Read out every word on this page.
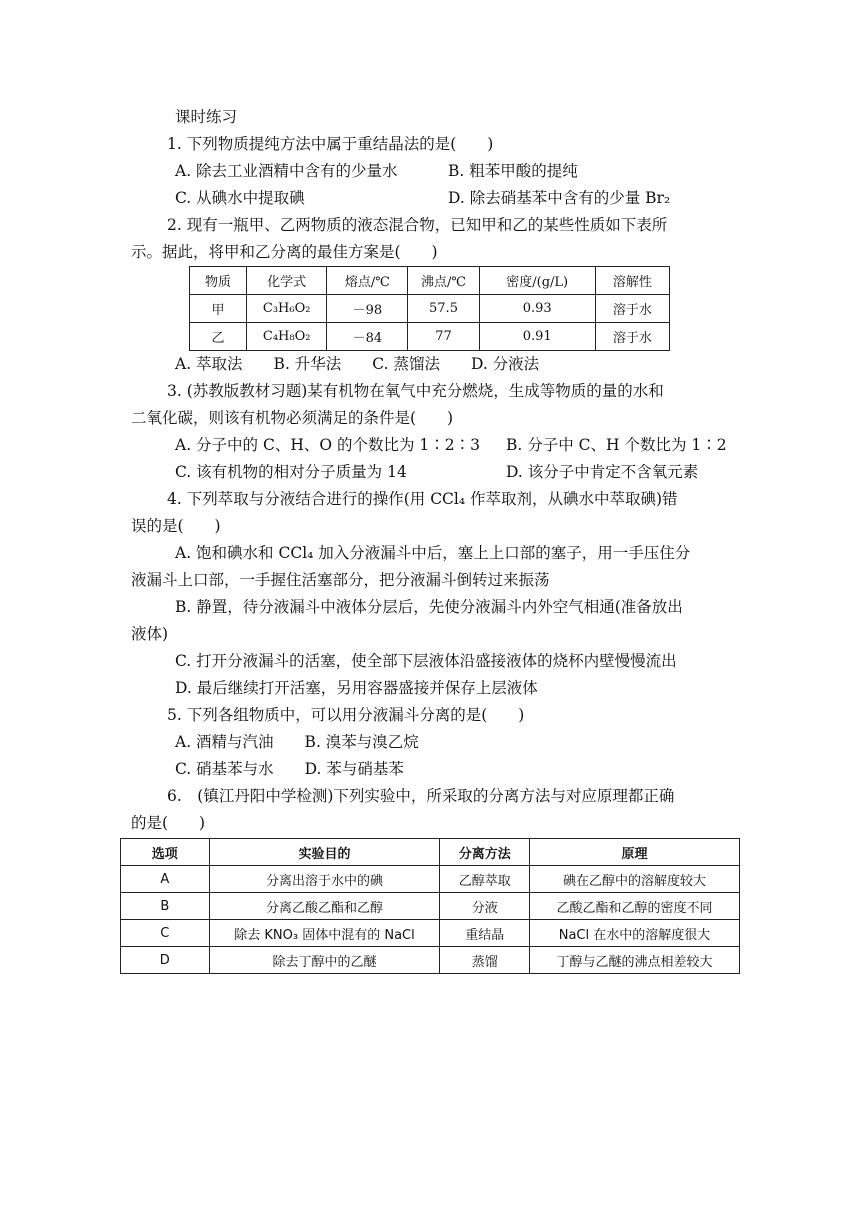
课时练习
1. 下列物质提纯方法中属于重结晶法的是(　　)
A. 除去工业酒精中含有的少量水	B. 粗苯甲酸的提纯
C. 从碘水中提取碘	D. 除去硝基苯中含有的少量 Br₂
2. 现有一瓶甲、乙两物质的液态混合物，已知甲和乙的某些性质如下表所
示。据此，将甲和乙分离的最佳方案是(　　)
物质	化学式	熔点/℃	沸点/℃	密度/(g/L)	溶解性
甲	C₃H₆O₂	－98	57.5	0.93	溶于水
乙	C₄H₈O₂	－84	77	0.91	溶于水
A. 萃取法　　B. 升华法　　C. 蒸馏法　　D. 分液法
3. (苏教版教材习题)某有机物在氧气中充分燃烧，生成等物质的量的水和
二氧化碳，则该有机物必须满足的条件是(　　)
A. 分子中的 C、H、O 的个数比为 1∶2∶3 B. 分子中 C、H 个数比为 1∶2
C. 该有机物的相对分子质量为 14	D. 该分子中肯定不含氧元素
4. 下列萃取与分液结合进行的操作(用 CCl₄ 作萃取剂，从碘水中萃取碘)错
误的是(　　)
A. 饱和碘水和 CCl₄ 加入分液漏斗中后，塞上上口部的塞子，用一手压住分
液漏斗上口部，一手握住活塞部分，把分液漏斗倒转过来振荡
B. 静置，待分液漏斗中液体分层后，先使分液漏斗内外空气相通(准备放出
液体)
C. 打开分液漏斗的活塞，使全部下层液体沿盛接液体的烧杯内壁慢慢流出
D. 最后继续打开活塞，另用容器盛接并保存上层液体
5. 下列各组物质中，可以用分液漏斗分离的是(　　)
A. 酒精与汽油　　B. 溴苯与溴乙烷
C. 硝基苯与水　　D. 苯与硝基苯
6.　(镇江丹阳中学检测)下列实验中，所采取的分离方法与对应原理都正确
的是(　　)
选项	实验目的	分离方法	原理
A	分离出溶于水中的碘	乙醇萃取	碘在乙醇中的溶解度较大
B	分离乙酸乙酯和乙醇	分液	乙酸乙酯和乙醇的密度不同
C	除去 KNO₃ 固体中混有的 NaCl	重结晶	NaCl 在水中的溶解度很大
D	除去丁醇中的乙醚	蒸馏	丁醇与乙醚的沸点相差较大
